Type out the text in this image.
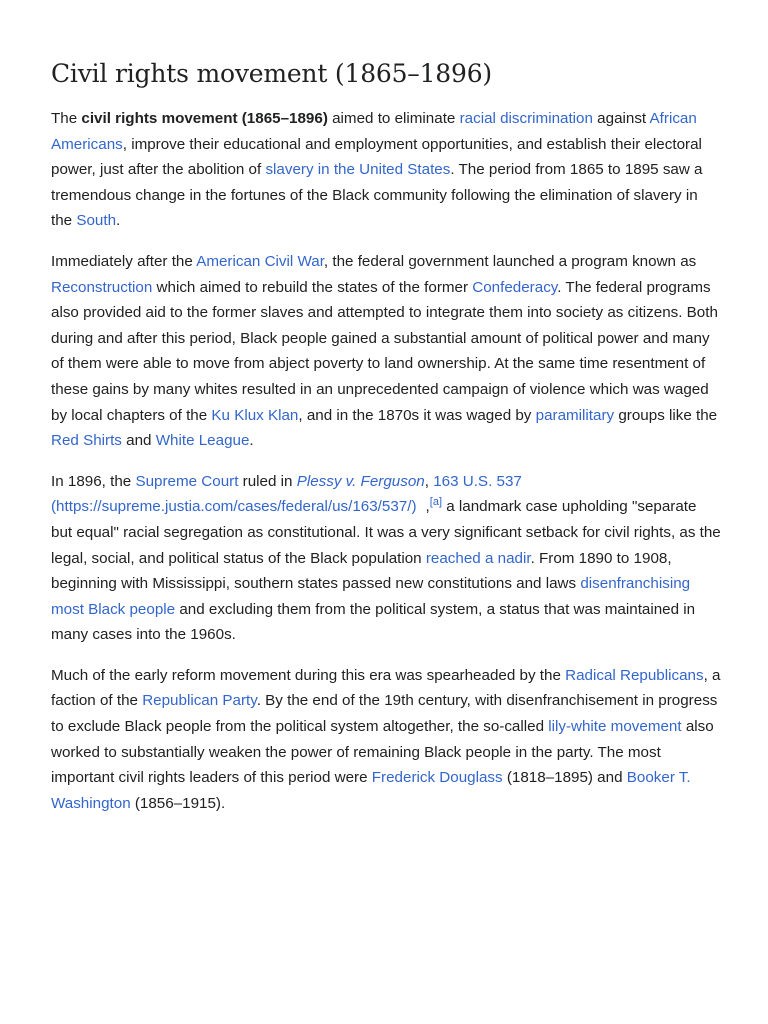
Civil rights movement (1865–1896)

The civil rights movement (1865–1896) aimed to eliminate racial discrimination against African Americans, improve their educational and employment opportunities, and establish their electoral power, just after the abolition of slavery in the United States. The period from 1865 to 1895 saw a tremendous change in the fortunes of the Black community following the elimination of slavery in the South.

Immediately after the American Civil War, the federal government launched a program known as Reconstruction which aimed to rebuild the states of the former Confederacy. The federal programs also provided aid to the former slaves and attempted to integrate them into society as citizens. Both during and after this period, Black people gained a substantial amount of political power and many of them were able to move from abject poverty to land ownership. At the same time resentment of these gains by many whites resulted in an unprecedented campaign of violence which was waged by local chapters of the Ku Klux Klan, and in the 1870s it was waged by paramilitary groups like the Red Shirts and White League.

In 1896, the Supreme Court ruled in Plessy v. Ferguson, 163 U.S. 537 (https://supreme.justia.com/cases/federal/us/163/537/) ,[a] a landmark case upholding "separate but equal" racial segregation as constitutional. It was a very significant setback for civil rights, as the legal, social, and political status of the Black population reached a nadir. From 1890 to 1908, beginning with Mississippi, southern states passed new constitutions and laws disenfranchising most Black people and excluding them from the political system, a status that was maintained in many cases into the 1960s.

Much of the early reform movement during this era was spearheaded by the Radical Republicans, a faction of the Republican Party. By the end of the 19th century, with disenfranchisement in progress to exclude Black people from the political system altogether, the so-called lily-white movement also worked to substantially weaken the power of remaining Black people in the party. The most important civil rights leaders of this period were Frederick Douglass (1818–1895) and Booker T. Washington (1856–1915).
